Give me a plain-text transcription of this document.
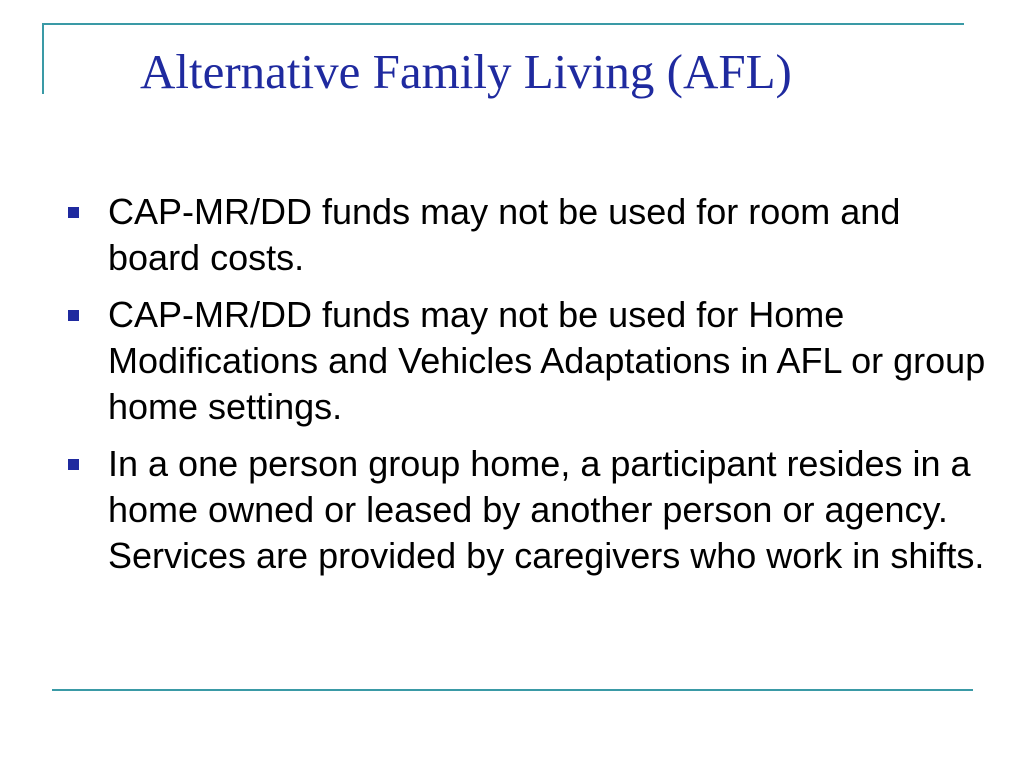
Alternative Family Living (AFL)
CAP-MR/DD funds may not be used for room and board costs.
CAP-MR/DD funds may not be used for Home Modifications and Vehicles Adaptations in AFL or group home settings.
In a one person group home, a participant resides in a home owned or leased by another person or agency. Services are provided by caregivers who work in shifts.
